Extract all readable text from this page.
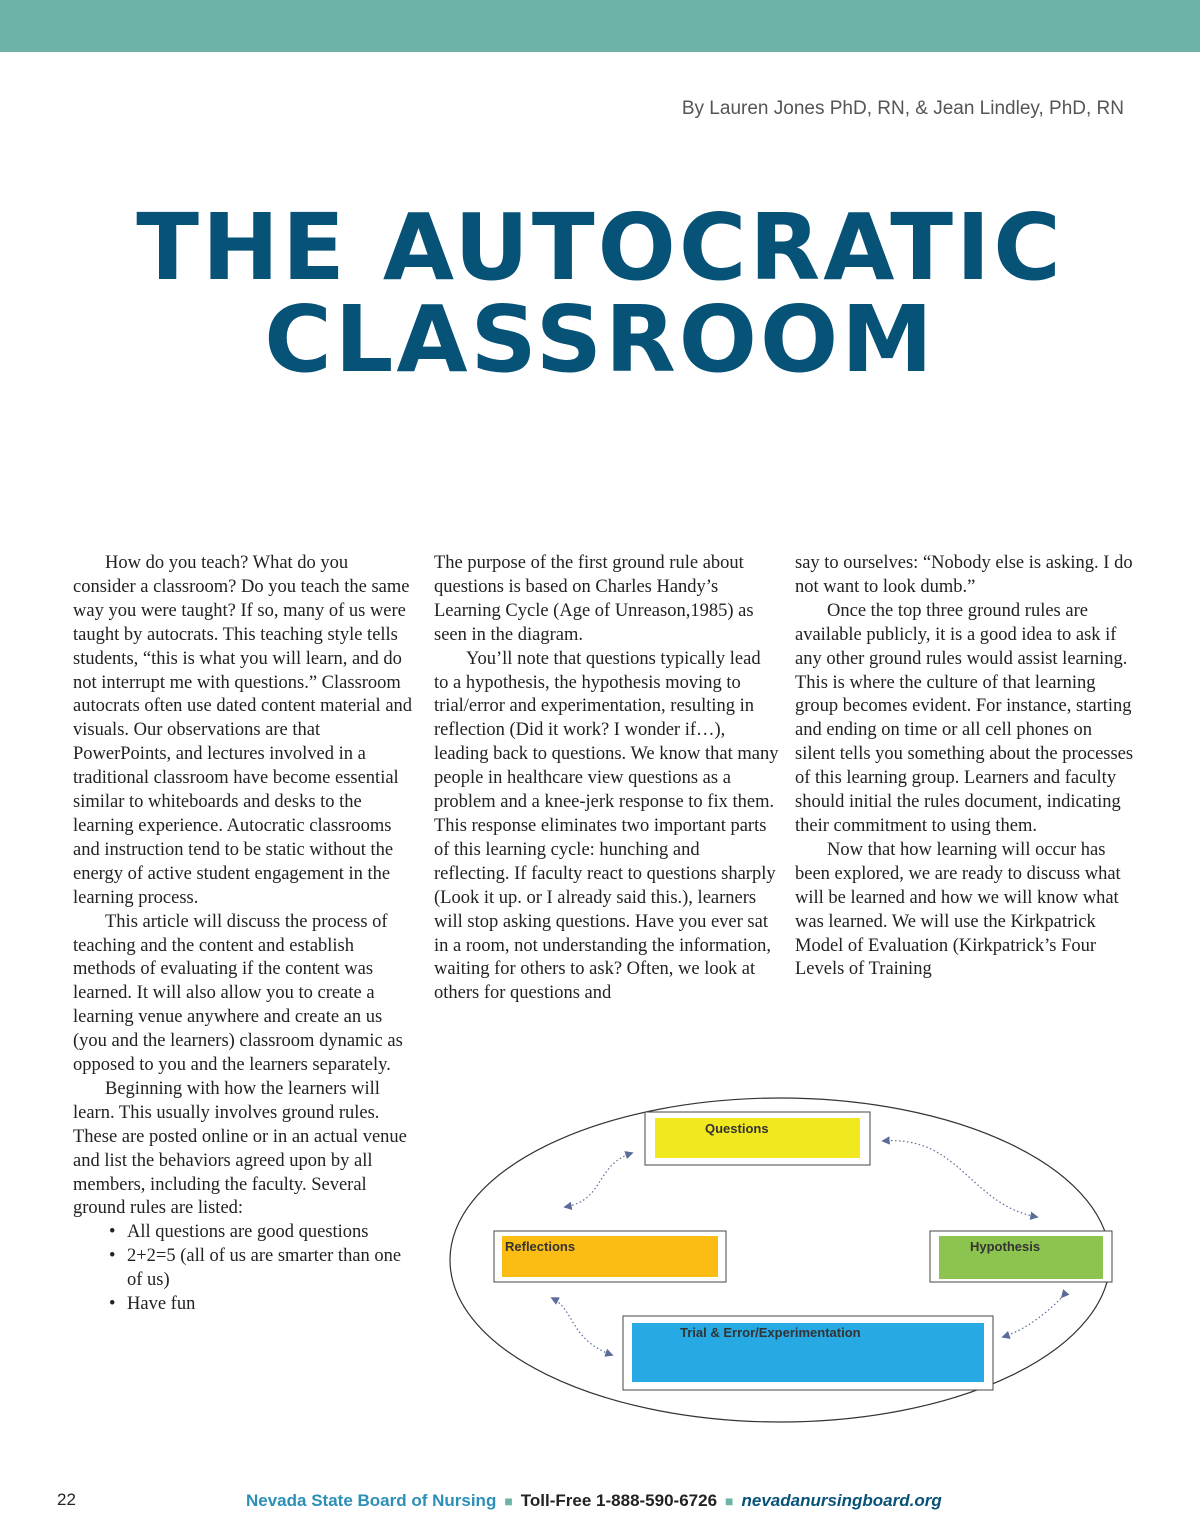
By Lauren Jones PhD, RN, & Jean Lindley, PhD, RN
THE AUTOCRATIC
CLASSROOM

How do you teach? What do you consider a classroom? Do you teach the same way you were taught? If so, many of us were taught by autocrats. This teaching style tells students, “this is what you will learn, and do not interrupt me with questions.” Classroom autocrats often use dated content material and visuals. Our observations are that PowerPoints, and lectures involved in a traditional classroom have become essential similar to whiteboards and desks to the learning experience. Autocratic classrooms and instruction tend to be static without the energy of active student engagement in the learning process.

This article will discuss the process of teaching and the content and establish methods of evaluating if the content was learned. It will also allow you to create a learning venue anywhere and create an us (you and the learners) classroom dynamic as opposed to you and the learners separately.

Beginning with how the learners will learn. This usually involves ground rules. These are posted online or in an actual venue and list the behaviors agreed upon by all members, including the faculty. Several ground rules are listed:

• All questions are good questions
• 2+2=5 (all of us are smarter than one of us)
• Have fun

The purpose of the first ground rule about questions is based on Charles Handy’s Learning Cycle (Age of Unreason,1985) as seen in the diagram.

You’ll note that questions typically lead to a hypothesis, the hypothesis moving to trial/error and experimentation, resulting in reflection (Did it work? I wonder if…), leading back to questions. We know that many people in healthcare view questions as a problem and a knee-jerk response to fix them. This response eliminates two important parts of this learning cycle: hunching and reflecting. If faculty react to questions sharply (Look it up. or I already said this.), learners will stop asking questions. Have you ever sat in a room, not understanding the information, waiting for others to ask? Often, we look at others for questions and

say to ourselves: “Nobody else is asking. I do not want to look dumb.”

Once the top three ground rules are available publicly, it is a good idea to ask if any other ground rules would assist learning. This is where the culture of that learning group becomes evident. For instance, starting and ending on time or all cell phones on silent tells you something about the processes of this learning group. Learners and faculty should initial the rules document, indicating their commitment to using them.

Now that how learning will occur has been explored, we are ready to discuss what will be learned and how we will know what was learned. We will use the Kirkpatrick Model of Evaluation (Kirkpatrick’s Four Levels of Training

Questions
Reflections	Hypothesis
Trial & Error/Experimentation
22	Nevada State Board of Nursing ■ Toll-Free 1-888-590-6726 ■ nevadanursingboard.org
